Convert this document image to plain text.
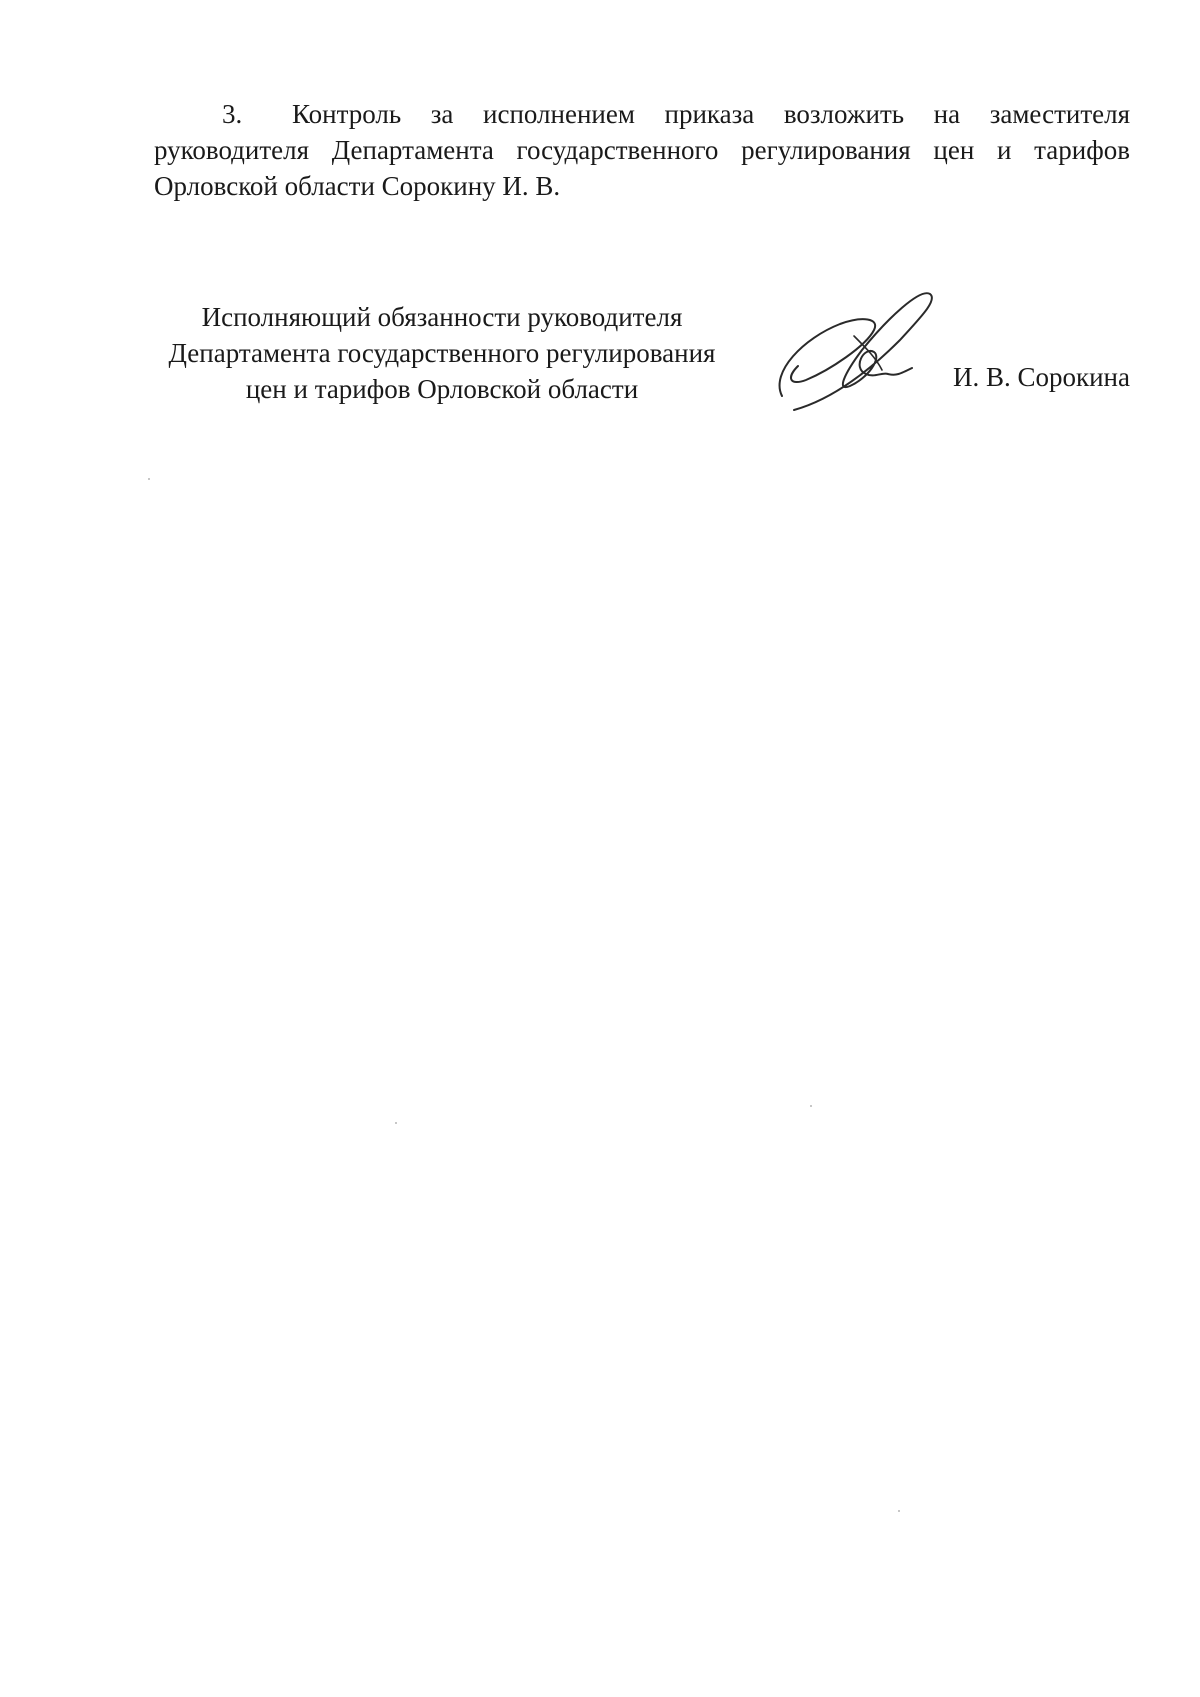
3. Контроль за исполнением приказа возложить на заместителя руководителя Департамента государственного регулирования цен и тарифов Орловской области Сорокину И. В.

Исполняющий обязанности руководителя
Департамента государственного регулирования
цен и тарифов Орловской области	И. В. Сорокина
